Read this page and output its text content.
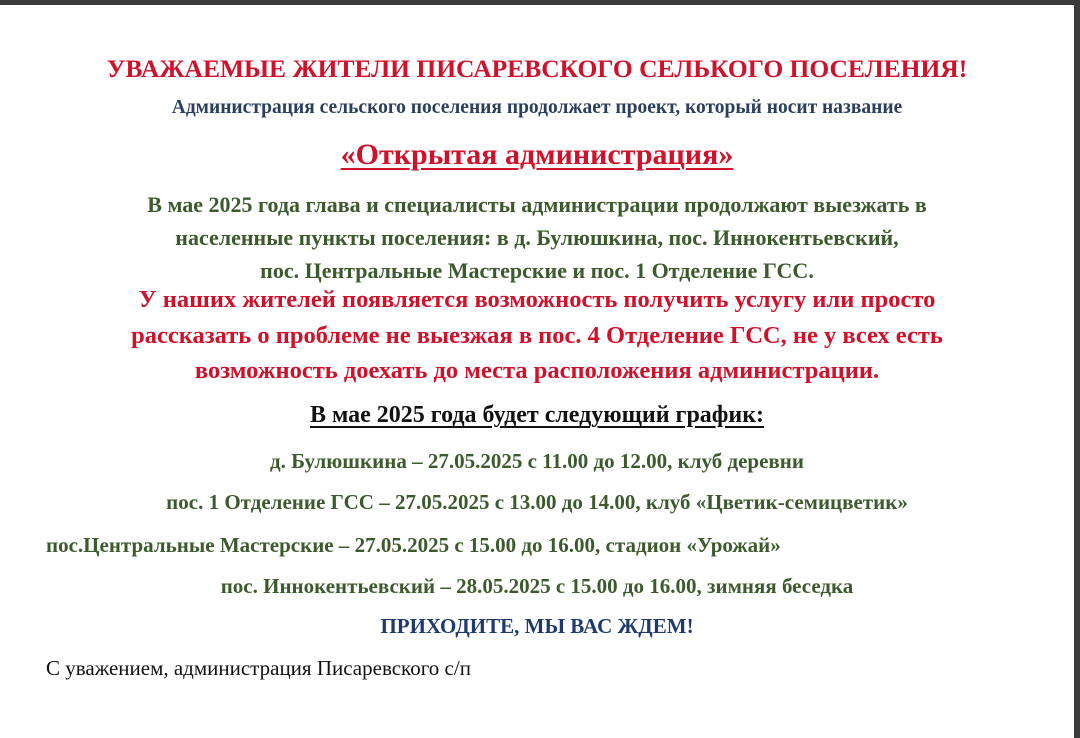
УВАЖАЕМЫЕ ЖИТЕЛИ ПИСАРЕВСКОГО СЕЛЬКОГО ПОСЕЛЕНИЯ!
Администрация сельского поселения продолжает проект, который носит название
«Открытая администрация»
В мае 2025 года глава и специалисты администрации продолжают выезжать в
населенные пункты поселения: в д. Булюшкина, пос. Иннокентьевский,
пос. Центральные Мастерские и пос. 1 Отделение ГСС.
У наших жителей появляется возможность получить услугу или просто
рассказать о проблеме не выезжая в пос. 4 Отделение ГСС, не у всех есть
возможность доехать до места расположения администрации.
В мае 2025 года будет следующий график:
д. Булюшкина – 27.05.2025 с 11.00 до 12.00, клуб деревни
пос. 1 Отделение ГСС – 27.05.2025 с 13.00 до 14.00, клуб «Цветик-семицветик»
пос.Центральные Мастерские – 27.05.2025 с 15.00 до 16.00, стадион «Урожай»
пос. Иннокентьевский – 28.05.2025 с 15.00 до 16.00, зимняя беседка
ПРИХОДИТЕ, МЫ ВАС ЖДЕМ!
С уважением, администрация Писаревского с/п
